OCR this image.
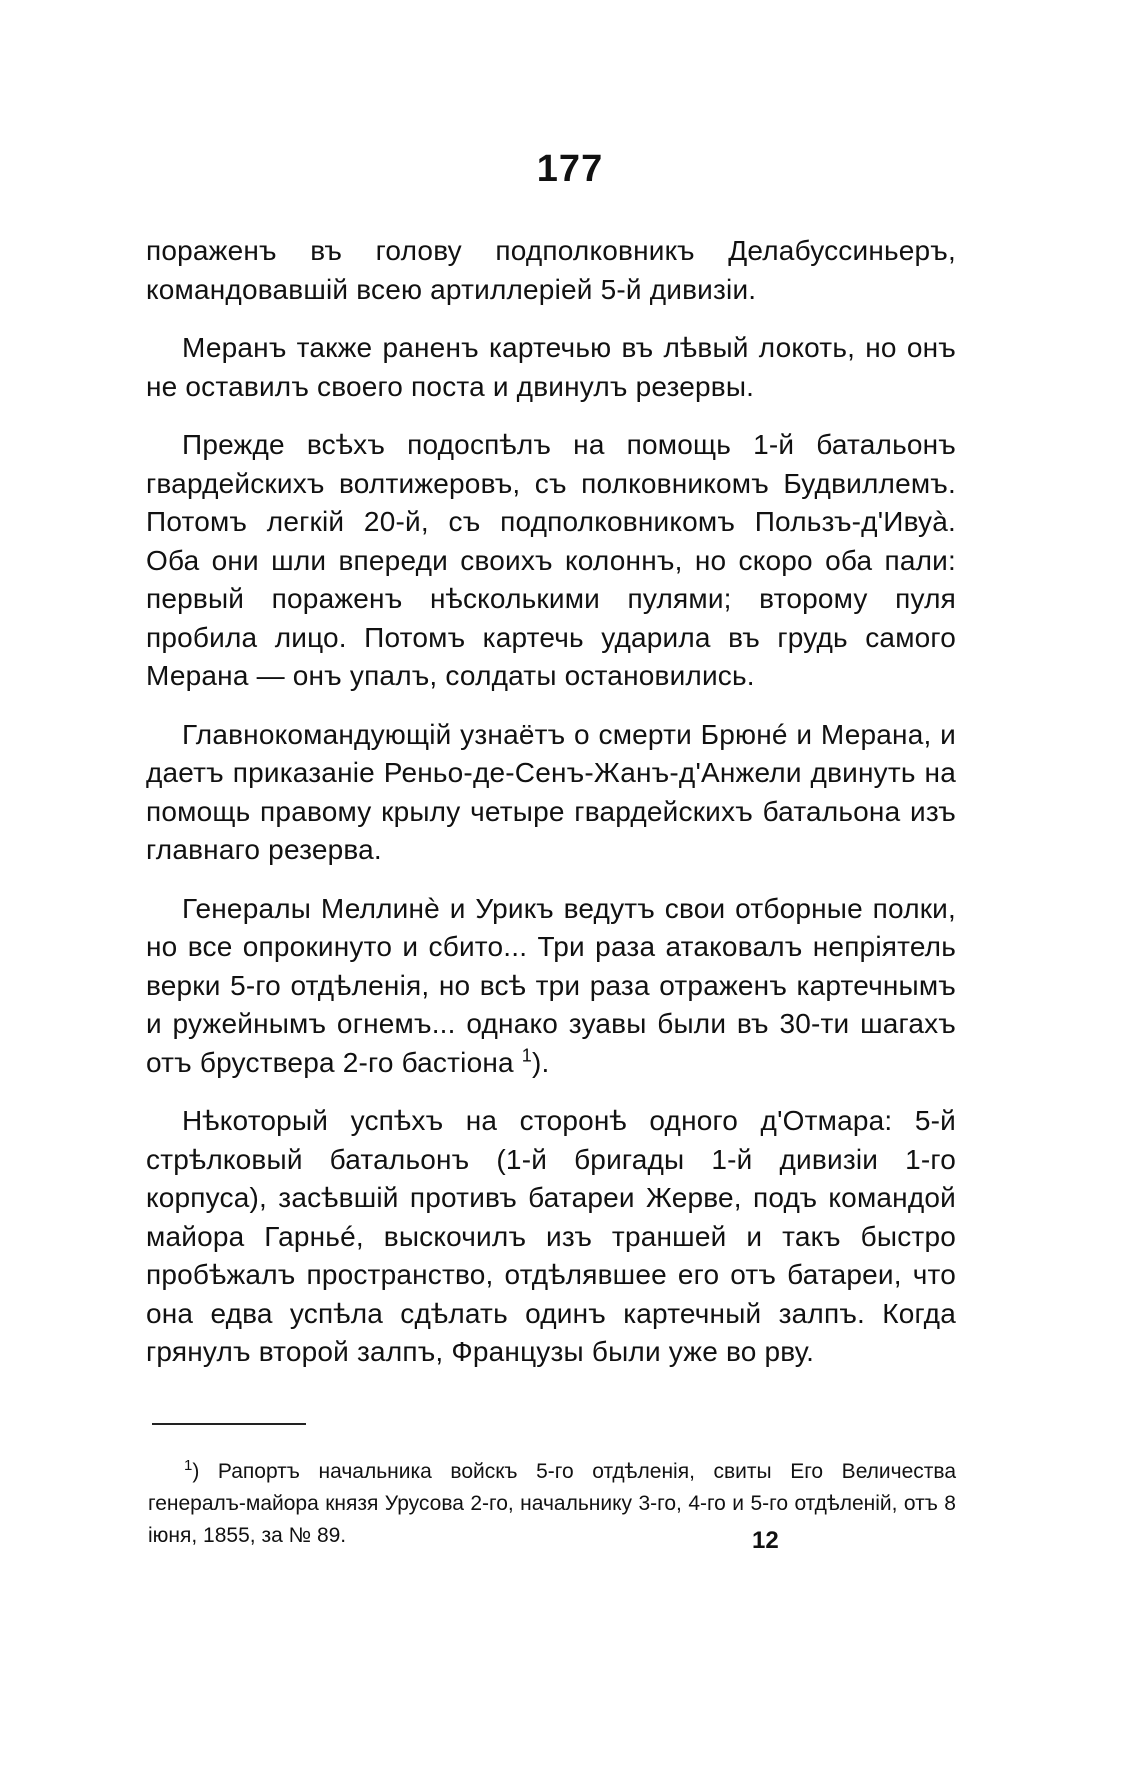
177

пораженъ въ голову подполковникъ Делабуссиньеръ, командовавшій всею артиллеріей 5-й дивизіи.

Меранъ также раненъ картечью въ лѣвый локоть, но онъ не оставилъ своего поста и двинулъ резервы.

Прежде всѣхъ подоспѣлъ на помощь 1-й батальонъ гвардейскихъ волтижеровъ, съ полковникомъ Будвиллемъ. Потомъ легкій 20-й, съ подполковникомъ Пользъ-д'Ивуà. Оба они шли впереди своихъ колоннъ, но скоро оба пали: первый пораженъ нѣсколькими пулями; второму пуля пробила лицо. Потомъ картечь ударила въ грудь самого Мерана — онъ упалъ, солдаты остановились.

Главнокомандующій узнаётъ о смерти Брюнé и Мерана, и даетъ приказаніе Реньо-де-Сенъ-Жанъ-д'Анжели двинуть на помощь правому крылу четыре гвардейскихъ батальона изъ главнаго резерва.

Генералы Меллинè и Урикъ ведутъ свои отборные полки, но все опрокинуто и сбито... Три раза атаковалъ непріятель верки 5-го отдѣленія, но всѣ три раза отраженъ картечнымъ и ружейнымъ огнемъ... однако зуавы были въ 30-ти шагахъ отъ бруствера 2-го бастіона $^1$).

Нѣкоторый успѣхъ на сторонѣ одного д'Отмара: 5-й стрѣлковый батальонъ (1-й бригады 1-й дивизіи 1-го корпуса), засѣвшій противъ батареи Жерве, подъ командой майора Гарньé, выскочилъ изъ траншей и такъ быстро пробѣжалъ пространство, отдѣлявшее его отъ батареи, что она едва успѣла сдѣлать одинъ картечный залпъ. Когда грянулъ второй залпъ, Французы были уже во рву.

$^1$) Рапортъ начальника войскъ 5-го отдѣленія, свиты Его Величества генералъ-майора князя Урусова 2-го, начальнику 3-го, 4-го и 5-го отдѣленій, отъ 8 іюня, 1855, за № 89.	12
